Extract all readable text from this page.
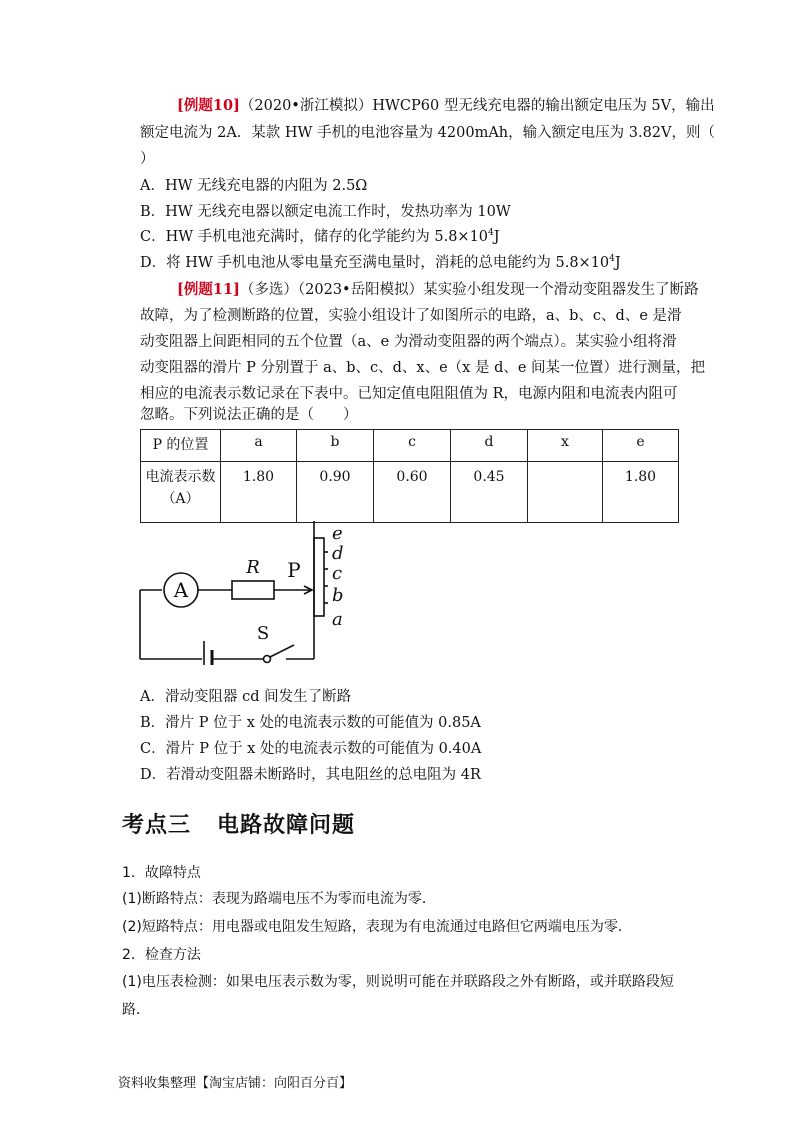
[例题10]（2020•浙江模拟）HWCP60 型无线充电器的输出额定电压为 5V，输出
额定电流为 2A．某款 HW 手机的电池容量为 4200mAh，输入额定电压为 3.82V，则（
）
A．HW 无线充电器的内阻为 2.5Ω
B．HW 无线充电器以额定电流工作时，发热功率为 10W
C．HW 手机电池充满时，储存的化学能约为 $5.8\times 10^4J$
D．将 HW 手机电池从零电量充至满电量时，消耗的总电能约为 $5.8\times 10^4J$
[例题11]（多选）（2023•岳阳模拟）某实验小组发现一个滑动变阻器发生了断路
故障，为了检测断路的位置，实验小组设计了如图所示的电路，a、b、c、d、e 是滑
动变阻器上间距相同的五个位置（a、e 为滑动变阻器的两个端点）。某实验小组将滑
动变阻器的滑片 P 分别置于 a、b、c、d、x、e（x 是 d、e 间某一位置）进行测量，把
相应的电流表示数记录在下表中。已知定值电阻阻值为 R，电源内阻和电流表内阻可
忽略。下列说法正确的是（　　）
P 的位置	a	b	c	d	x	e

电流表示数
（A）	1.80	0.90	0.60	0.45		1.80
A
R P
S
e
d
c
b
a
A．滑动变阻器 cd 间发生了断路
B．滑片 P 位于 x 处的电流表示数的可能值为 0.85A
C．滑片 P 位于 x 处的电流表示数的可能值为 0.40A
D．若滑动变阻器未断路时，其电阻丝的总电阻为 4R
考点三 电路故障问题
1．故障特点
(1)断路特点：表现为路端电压不为零而电流为零．
(2)短路特点：用电器或电阻发生短路，表现为有电流通过电路但它两端电压为零．
2．检查方法
(1)电压表检测：如果电压表示数为零，则说明可能在并联路段之外有断路，或并联路段短
路．
资料收集整理【淘宝店铺：向阳百分百】
